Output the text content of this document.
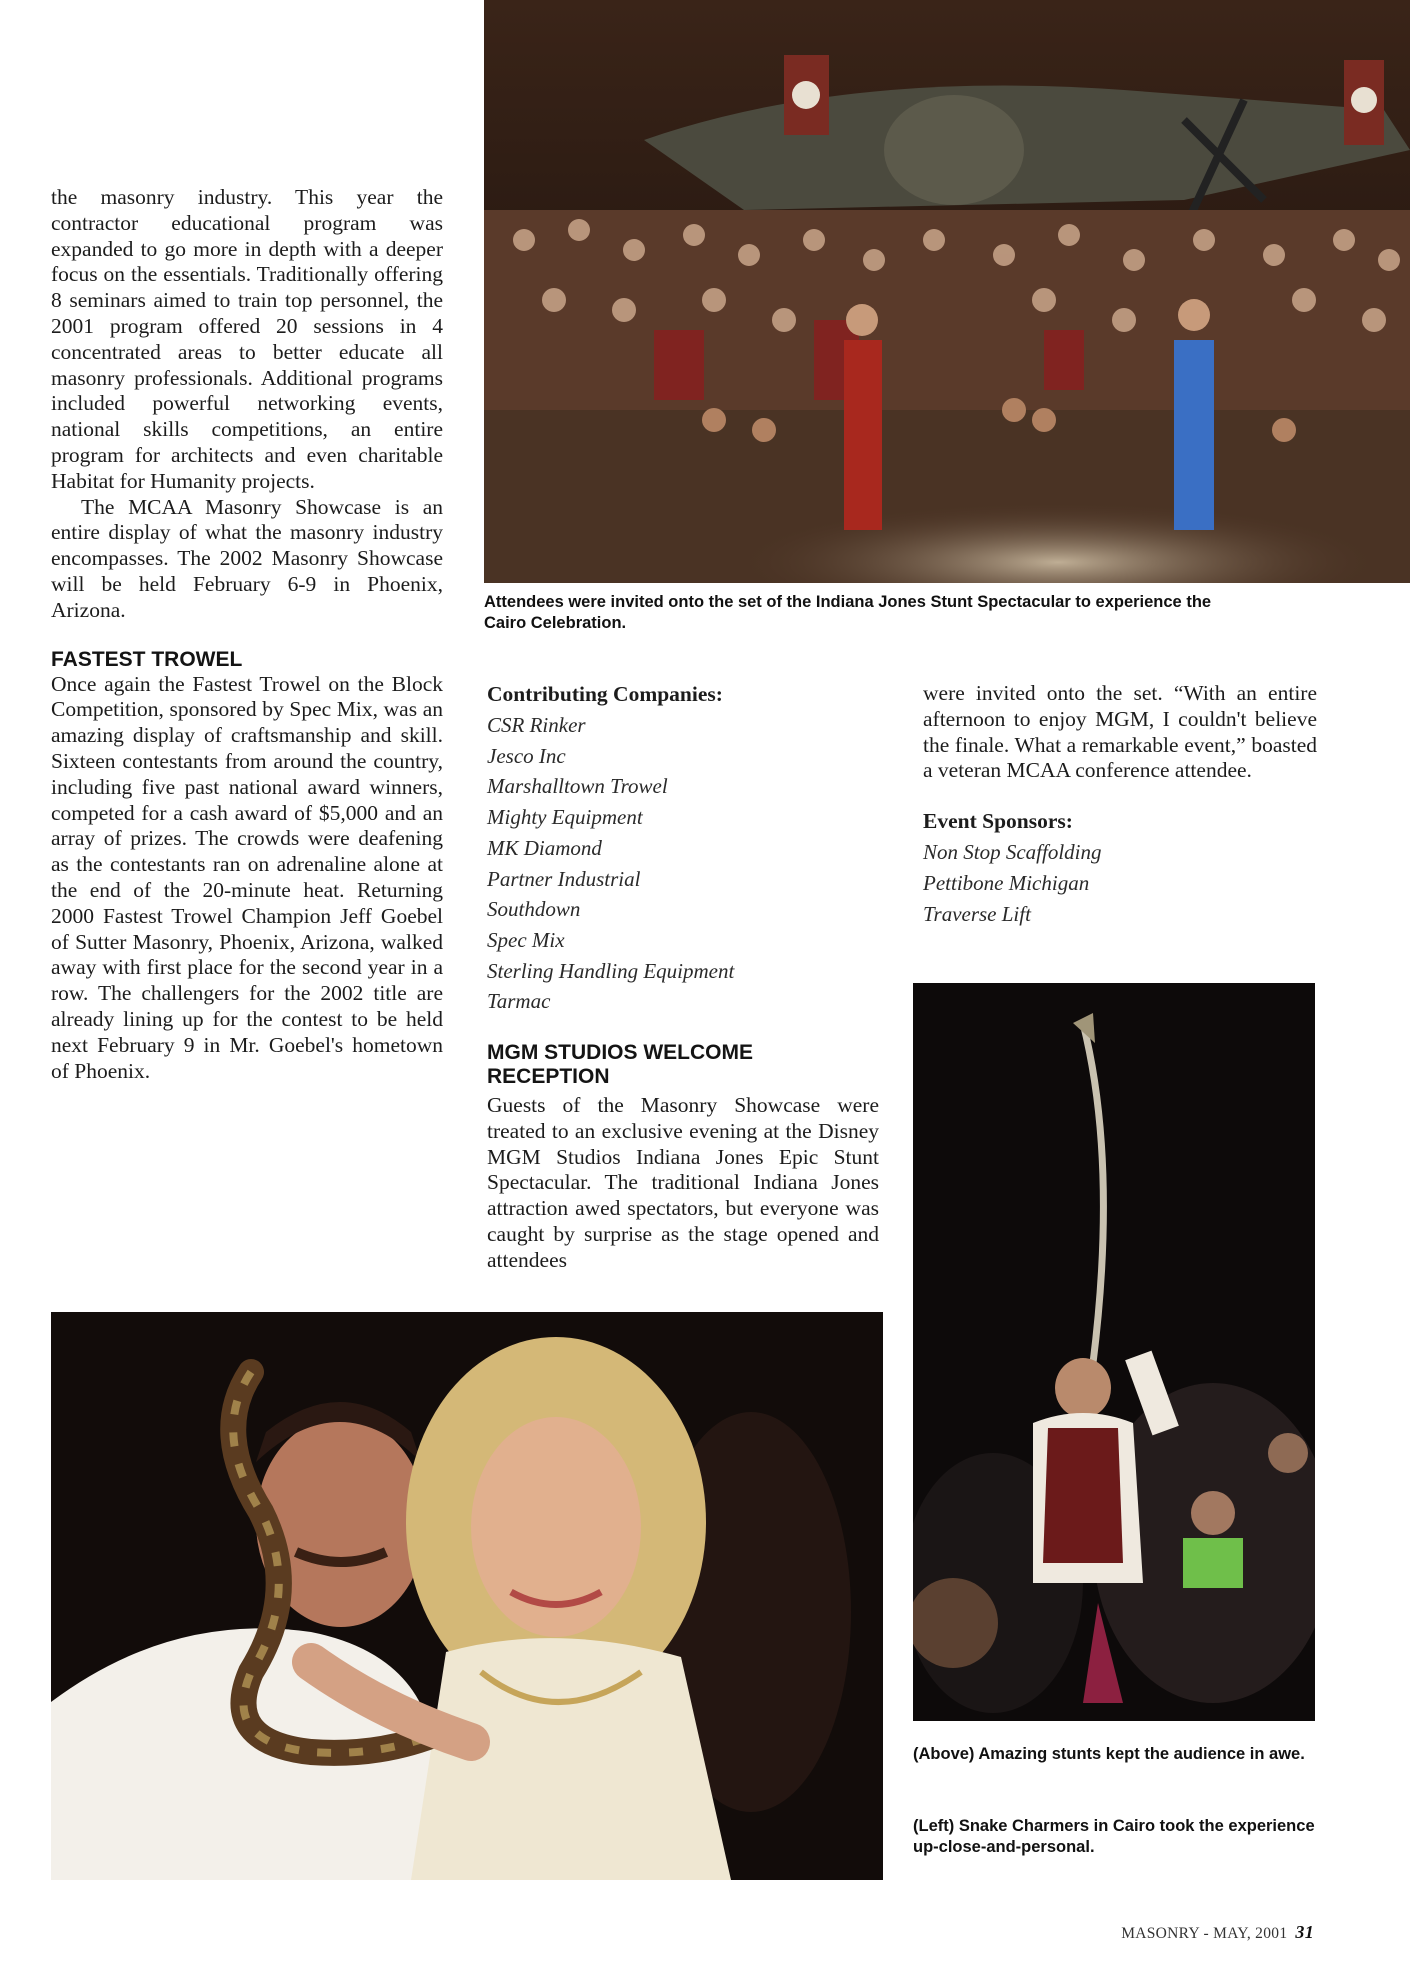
the masonry industry. This year the contractor educational program was expanded to go more in depth with a deeper focus on the essentials. Traditionally offering 8 seminars aimed to train top personnel, the 2001 program offered 20 sessions in 4 concentrated areas to better educate all masonry professionals. Additional programs included powerful networking events, national skills competitions, an entire program for architects and even charitable Habitat for Humanity projects.

The MCAA Masonry Showcase is an entire display of what the masonry industry encompasses. The 2002 Masonry Showcase will be held February 6-9 in Phoenix, Arizona.

FASTEST TROWEL

Once again the Fastest Trowel on the Block Competition, sponsored by Spec Mix, was an amazing display of craftsmanship and skill. Sixteen contestants from around the country, including five past national award winners, competed for a cash award of $5,000 and an array of prizes. The crowds were deafening as the contestants ran on adrenaline alone at the end of the 20-minute heat. Returning 2000 Fastest Trowel Champion Jeff Goebel of Sutter Masonry, Phoenix, Arizona, walked away with first place for the second year in a row. The challengers for the 2002 title are already lining up for the contest to be held next February 9 in Mr. Goebel's hometown of Phoenix.

Attendees were invited onto the set of the Indiana Jones Stunt Spectacular to experience the Cairo Celebration.
Contributing Companies:
CSR Rinker
Jesco Inc
Marshalltown Trowel
Mighty Equipment
MK Diamond
Partner Industrial
Southdown
Spec Mix
Sterling Handling Equipment
Tarmac
MGM STUDIOS WELCOME RECEPTION

Guests of the Masonry Showcase were treated to an exclusive evening at the Disney MGM Studios Indiana Jones Epic Stunt Spectacular. The traditional Indiana Jones attraction awed spectators, but everyone was caught by surprise as the stage opened and attendees

were invited onto the set. “With an entire afternoon to enjoy MGM, I couldn't believe the finale. What a remarkable event,” boasted a veteran MCAA conference attendee.

Event Sponsors:
Non Stop Scaffolding
Pettibone Michigan
Traverse Lift
(Above) Amazing stunts kept the audience in awe.
(Left) Snake Charmers in Cairo took the experience up-close-and-personal.
MASONRY - MAY, 2001 31
